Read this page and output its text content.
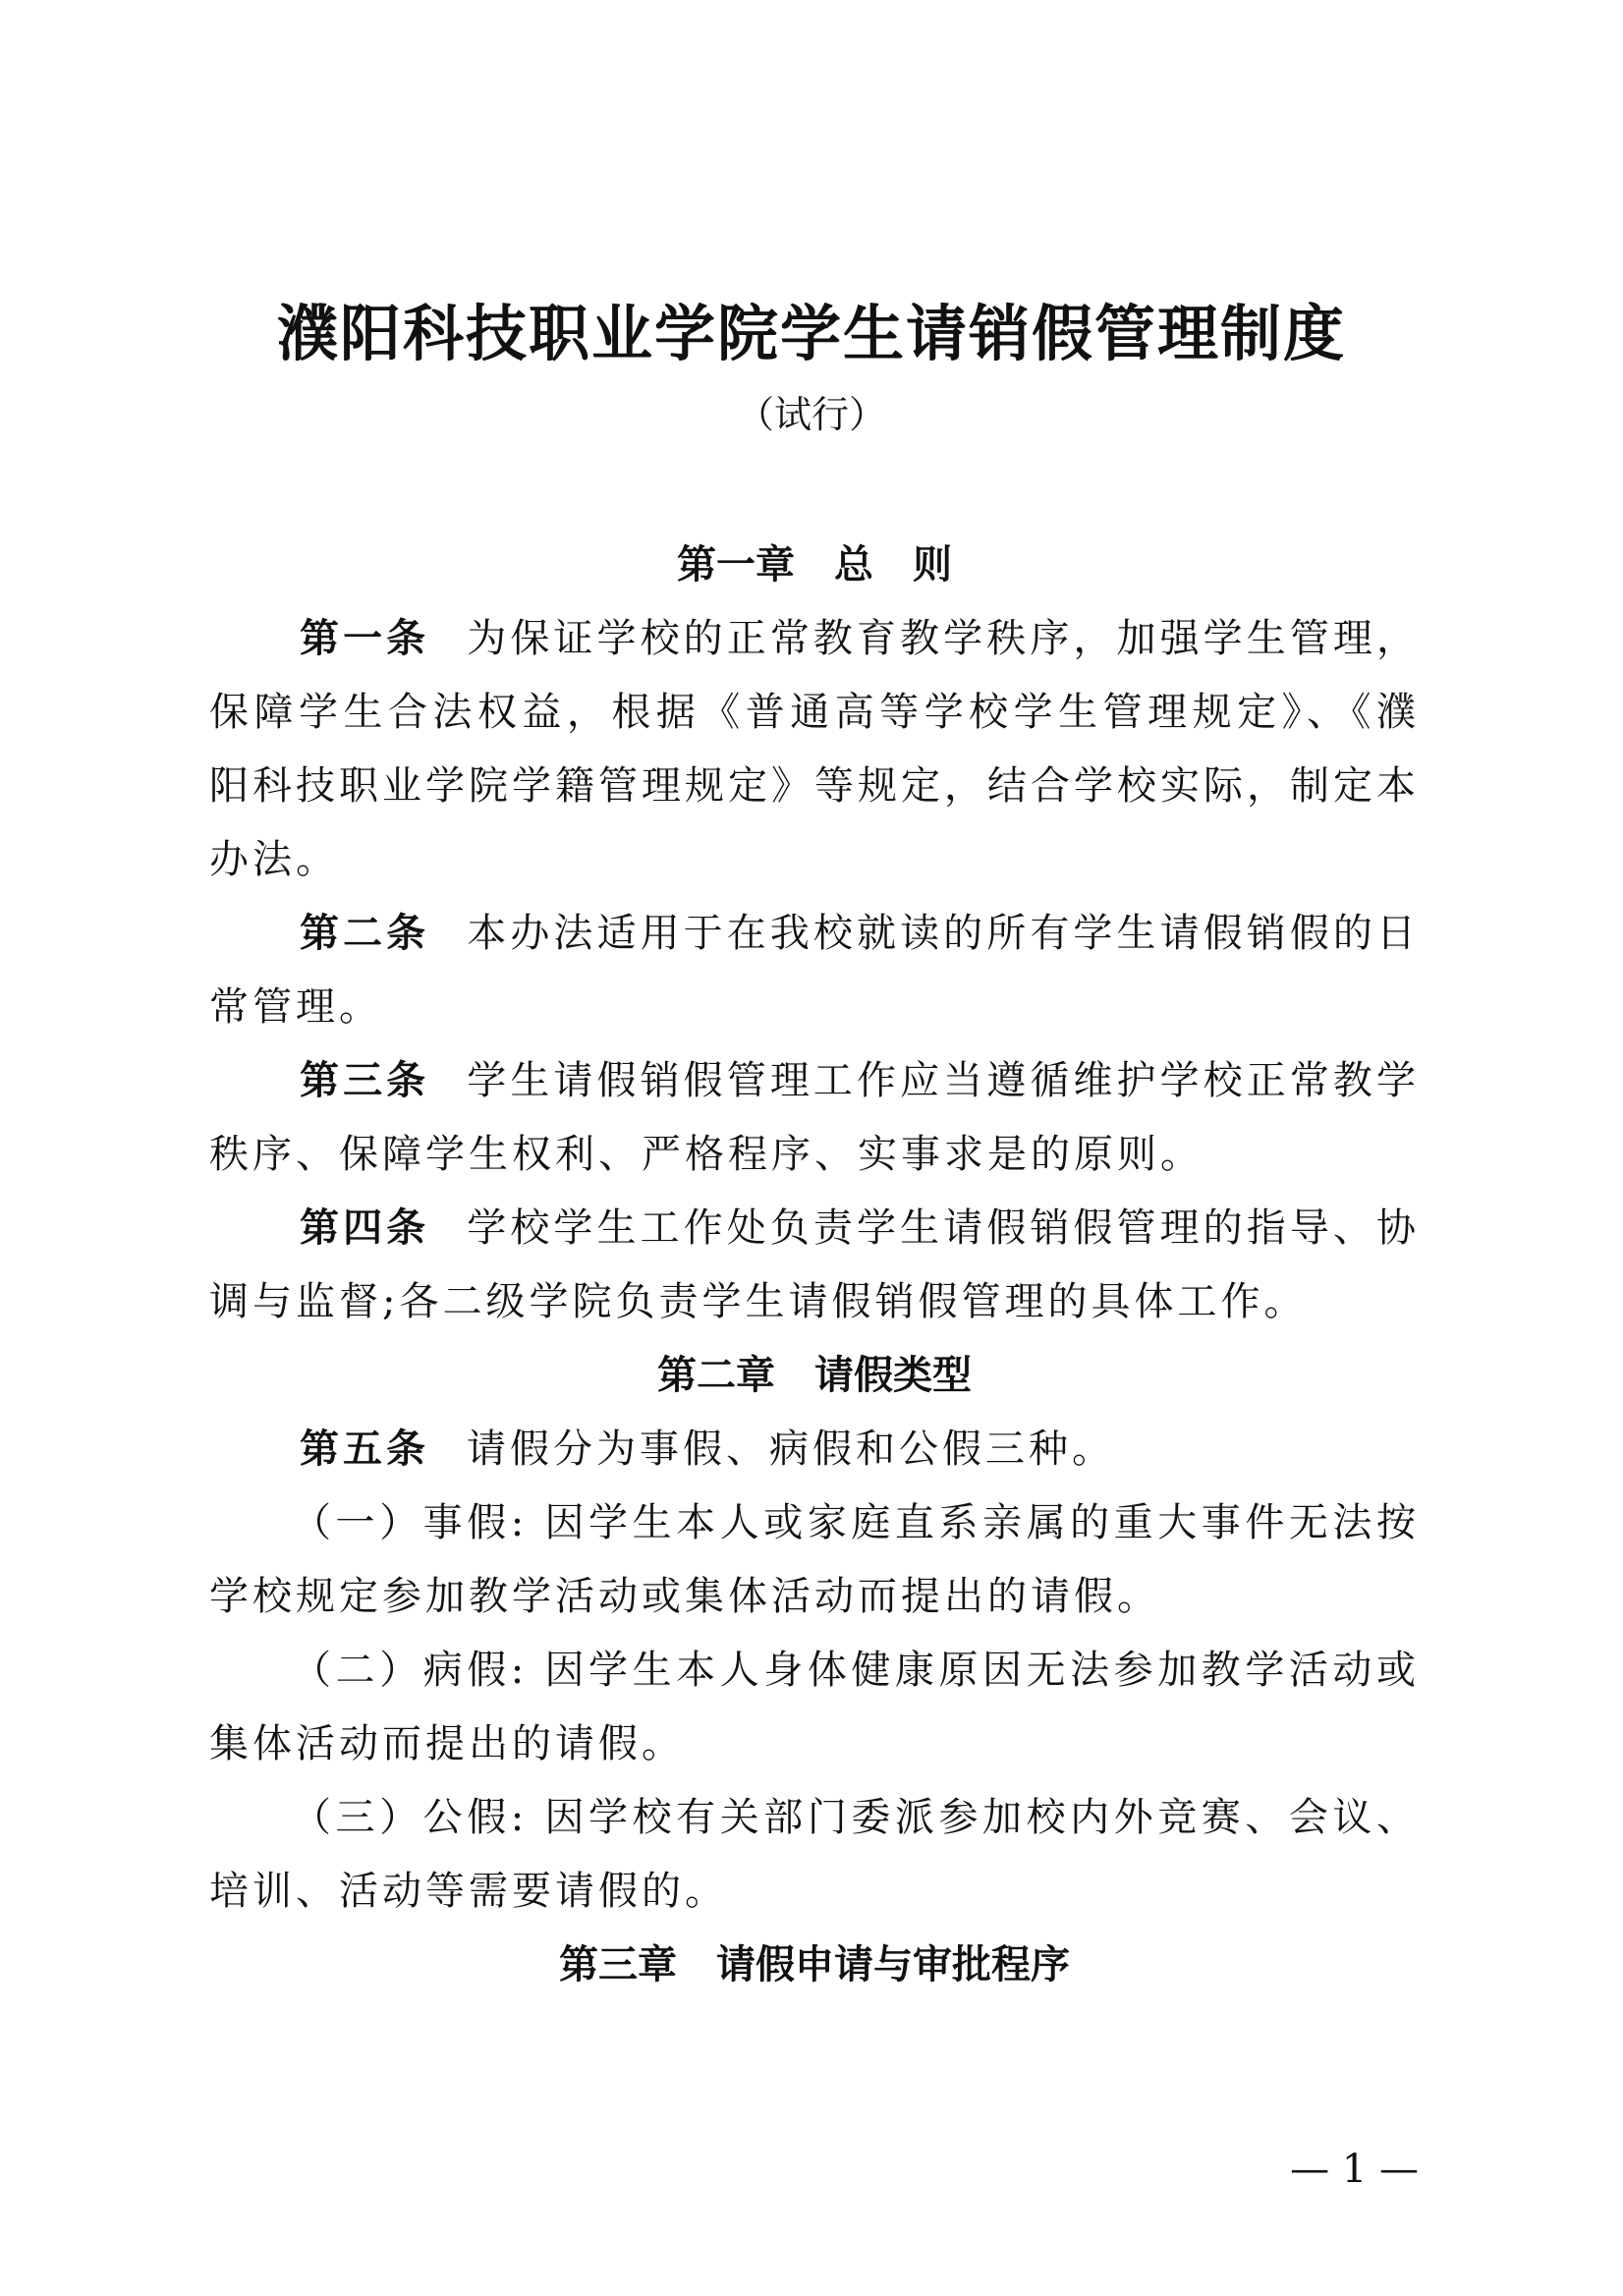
濮阳科技职业学院学生请销假管理制度
（试行）
第一章　总　则

第一条 为保证学校的正常教育教学秩序，加强学生管理，保障学生合法权益，根据《普通高等学校学生管理规定》、《濮阳科技职业学院学籍管理规定》等规定，结合学校实际，制定本办法。

第二条 本办法适用于在我校就读的所有学生请假销假的日常管理。

第三条 学生请假销假管理工作应当遵循维护学校正常教学秩序、保障学生权利、严格程序、实事求是的原则。

第四条 学校学生工作处负责学生请假销假管理的指导、协调与监督;各二级学院负责学生请假销假管理的具体工作。

第二章　请假类型

第五条 请假分为事假、病假和公假三种。

（一）事假: 因学生本人或家庭直系亲属的重大事件无法按学校规定参加教学活动或集体活动而提出的请假。

（二）病假: 因学生本人身体健康原因无法参加教学活动或集体活动而提出的请假。

（三）公假: 因学校有关部门委派参加校内外竞赛、会议、培训、活动等需要请假的。

第三章　请假申请与审批程序
— 1 —
